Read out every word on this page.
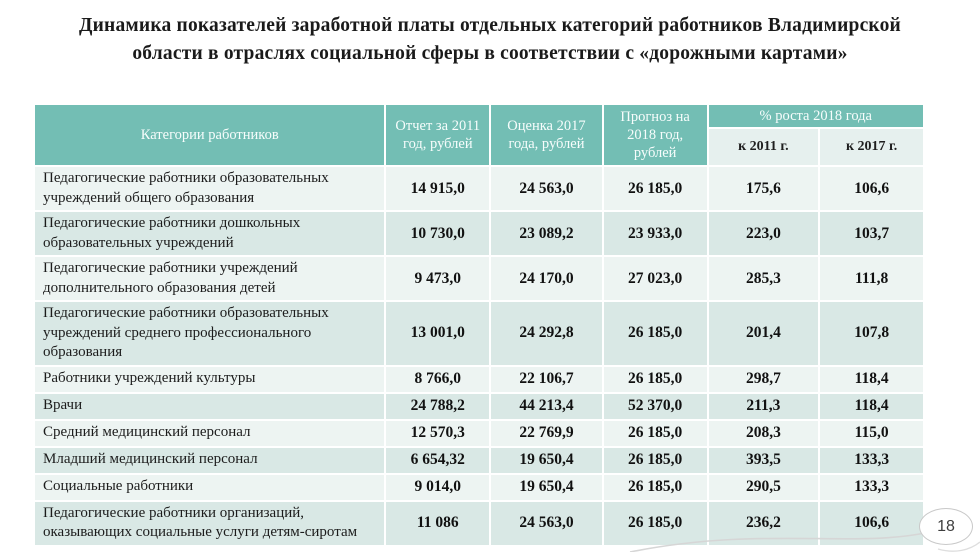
Динамика показателей заработной платы отдельных категорий работников Владимирской области в отраслях социальной сферы в соответствии с «дорожными картами»
Категории работников	Отчет за 2011 год, рублей	Оценка 2017 года, рублей	Прогноз на 2018 год, рублей	% роста 2018 года	
				к 2011 г.	к 2017 г.
Педагогические работники образовательных учреждений общего образования	14 915,0	24 563,0	26 185,0	175,6	106,6
Педагогические работники дошкольных образовательных учреждений	10 730,0	23 089,2	23 933,0	223,0	103,7
Педагогические работники учреждений дополнительного образования детей	9 473,0	24 170,0	27 023,0	285,3	111,8
Педагогические работники образовательных учреждений среднего профессионального образования	13 001,0	24 292,8	26 185,0	201,4	107,8
Работники учреждений культуры	8 766,0	22 106,7	26 185,0	298,7	118,4
Врачи	24 788,2	44 213,4	52 370,0	211,3	118,4
Средний медицинский персонал	12 570,3	22 769,9	26 185,0	208,3	115,0
Младший медицинский персонал	6 654,32	19 650,4	26 185,0	393,5	133,3
Социальные работники	9 014,0	19 650,4	26 185,0	290,5	133,3
Педагогические работники организаций, оказывающих социальные услуги детям-сиротам	11 086	24 563,0	26 185,0	236,2	106,6	18
